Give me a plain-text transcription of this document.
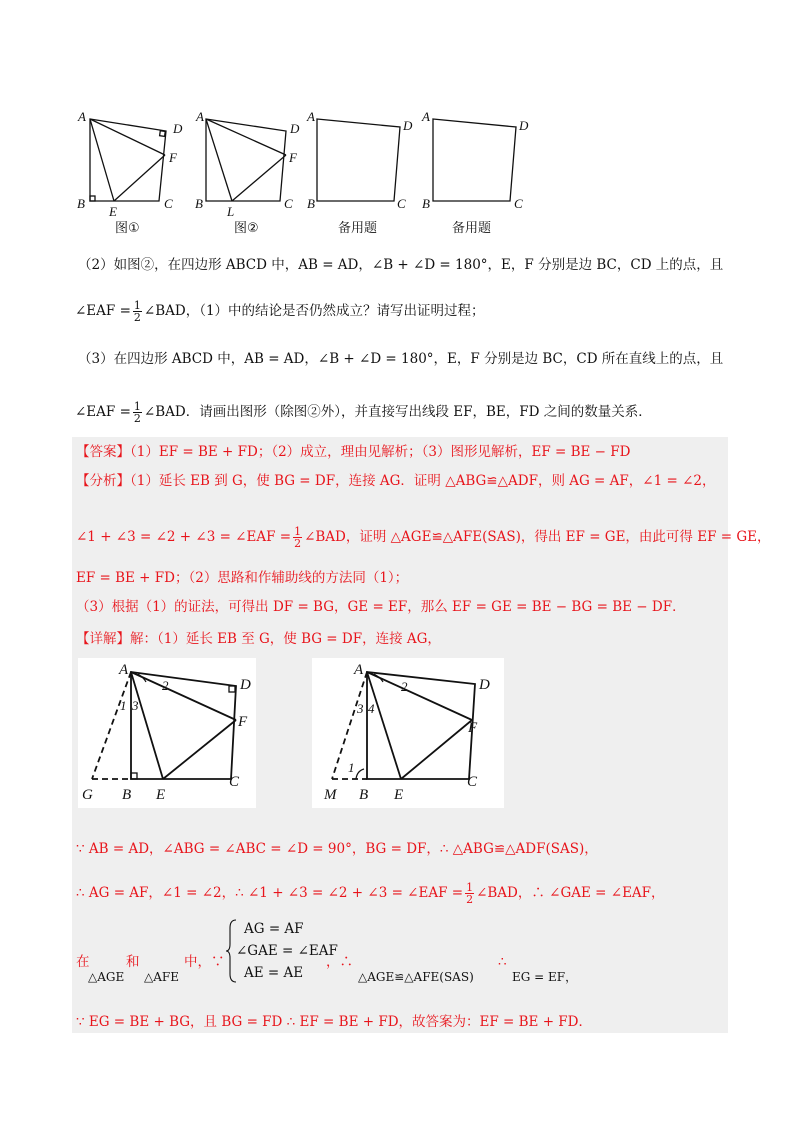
A
D
F
B
E
C
图①
A
D
F
B
L
C
图②
A
D
B	C
备用题
A
D
B	C
备用题
（2）如图②，在四边形 ABCD 中，AB = AD，∠B + ∠D = 180°，E，F 分别是边 BC，CD 上的点，且
∠EAF = $\frac{1}{2}$ ∠BAD，（1）中的结论是否仍然成立？请写出证明过程；
（3）在四边形 ABCD 中，AB = AD，∠B + ∠D = 180°，E，F 分别是边 BC，CD 所在直线上的点，且
∠EAF = $\frac{1}{2}$ ∠BAD．请画出图形（除图②外），并直接写出线段 EF，BE，FD 之间的数量关系．
【答案】（1）EF = BE + FD；（2）成立，理由见解析；（3）图形见解析，EF = BE − FD
【分析】（1）延长 EB 到 G，使 BG = DF，连接 AG．证明 △ABG≌△ADF，则 AG = AF，∠1 = ∠2，
∠1 + ∠3 = ∠2 + ∠3 = ∠EAF = $\frac{1}{2}$ ∠BAD，证明 △AGE≌△AFE(SAS)，得出 EF = GE，由此可得 EF = GE，
EF = BE + FD；（2）思路和作辅助线的方法同（1）；
（3）根据（1）的证法，可得出 DF = BG，GE = EF，那么 EF = GE = BE − BG = BE − DF．
【详解】解：（1）延长 EB 至 G，使 BG = DF，连接 AG，
A
D
F
G B E
C
1
2
3
A
D
F
M B E
C
1
2
3 4
∵ AB = AD，∠ABG = ∠ABC = ∠D = 90°，BG = DF，∴ △ABG≌△ADF(SAS)，
∴ AG = AF，∠1 = ∠2，∴ ∠1 + ∠3 = ∠2 + ∠3 = ∠EAF = $\frac{1}{2}$ ∠BAD，∴ ∠GAE = ∠EAF，
在
△AGE
和
△AFE
中，∵
AG = AF
∠GAE = ∠EAF
AE = AE
，∴
△AGE≌△AFE(SAS)
∴
EG = EF，
∵ EG = BE + BG，且 BG = FD ∴ EF = BE + FD，故答案为：EF = BE + FD．
